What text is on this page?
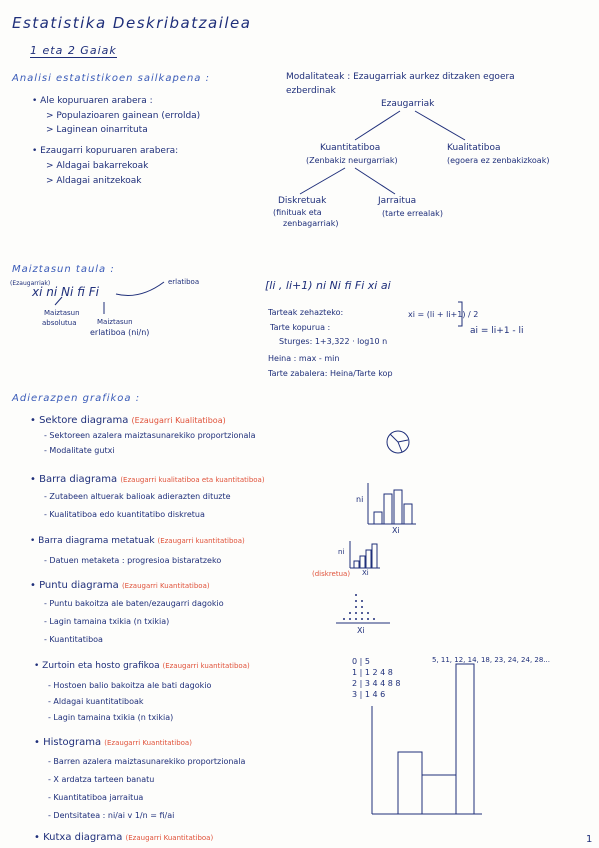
Estatistika Deskribatzailea
1 eta 2 Gaiak
Analisi estatistikoen sailkapena :
• Ale kopuruaren arabera :
> Populazioaren gainean (errolda)
> Laginean oinarrituta
• Ezaugarri kopuruaren arabera:
> Aldagai bakarrekoak
> Aldagai anitzekoak
Modalitateak : Ezaugarriak aurkez ditzaken egoera
ezberdinak
Ezaugarriak
Kuantitatiboa
(Zenbakiz neurgarriak)
Kualitatiboa
(egoera ez zenbakizkoak)
Diskretuak
(finituak eta
zenbagarriak)
Jarraitua
(tarte errealak)
Maiztasun taula :
(Ezaugarriak)
xi ni Ni fi Fi
erlatiboa
Maiztasun
absolutua	Maiztasun
erlatiboa (ni/n)
[li , li+1) ni Ni fi Fi xi ai
Tarteak zehazteko:
Tarte kopurua :
Sturges: 1+3,322 · log10 n
Heina : max - min
Tarte zabalera: Heina/Tarte kop
xi = (li + li+1) / 2
ai = li+1 - li
Adierazpen grafikoa :
• Sektore diagrama (Ezaugarri Kualitatiboa)
- Sektoreen azalera maiztasunarekiko proportzionala
- Modalitate gutxi
• Barra diagrama (Ezaugarri kualitatiboa eta kuantitatiboa)
- Zutabeen altuerak balioak adierazten dituzte
- Kualitatiboa edo kuantitatibo diskretua
• Barra diagrama metatuak (Ezaugarri kuantitatiboa)
- Datuen metaketa : progresioa bistaratzeko
(diskretua)
• Puntu diagrama (Ezaugarri Kuantitatiboa)
- Puntu bakoitza ale baten/ezaugarri dagokio
- Lagin tamaina txikia (n txikia)
- Kuantitatiboa
• Zurtoin eta hosto grafikoa (Ezaugarri kuantitatiboa)
- Hostoen balio bakoitza ale bati dagokio
- Aldagai kuantitatiboak
- Lagin tamaina txikia (n txikia)
5, 11, 12, 14, 18, 23, 24, 24, 28...
0 | 5
1 | 1 2 4 8
2 | 3 4 4 8 8
3 | 1 4 6
• Histograma (Ezaugarri Kuantitatiboa)
- Barren azalera maiztasunarekiko proportzionala
- X ardatza tarteen banatu
- Kuantitatiboa jarraitua
- Dentsitatea : ni/ai v 1/n = fi/ai
• Kutxa diagrama (Ezaugarri Kuantitatiboa)	1
ni
Xi
ni
Xi
Xi
